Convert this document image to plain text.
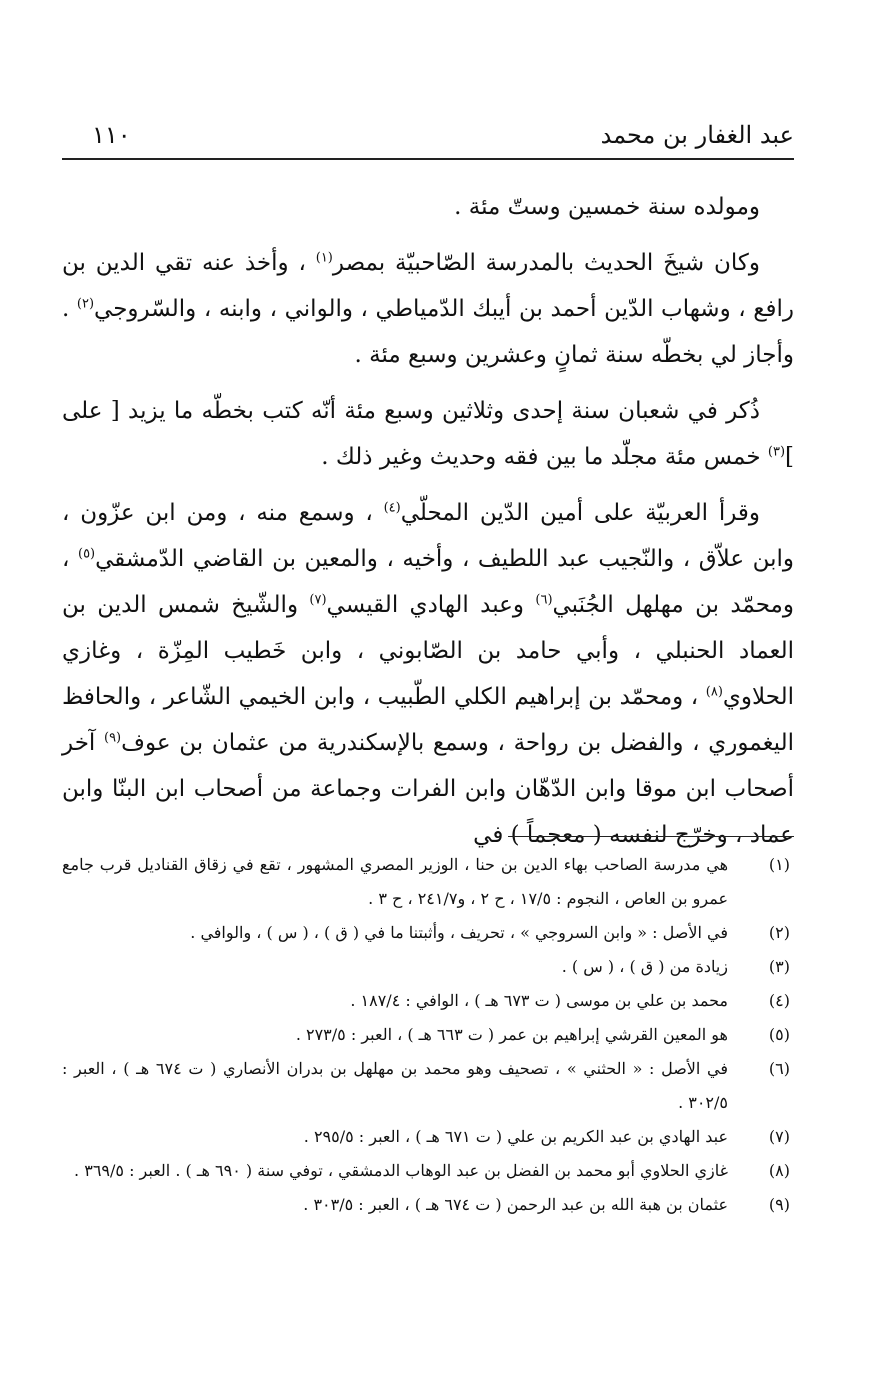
عبد الغفار بن محمد
١١٠

ومولده سنة خمسين وستّ مئة .

وكان شيخَ الحديث بالمدرسة الصّاحبيّة بمصر$^{(١)}$ ، وأخذ عنه تقي الدين بن رافع ، وشهاب الدّين أحمد بن أيبك الدّمياطي ، والواني ، وابنه ، والسّروجي$^{(٢)}$ . وأجاز لي بخطّه سنة ثمانٍ وعشرين وسبع مئة .

ذُكر في شعبان سنة إحدى وثلاثين وسبع مئة أنّه كتب بخطّه ما يزيد [ على ]$^{(٣)}$ خمس مئة مجلّد ما بين فقه وحديث وغير ذلك .

وقرأ العربيّة على أمين الدّين المحلّي$^{(٤)}$ ، وسمع منه ، ومن ابن عزّون ، وابن علاّق ، والنّجيب عبد اللطيف ، وأخيه ، والمعين بن القاضي الدّمشقي$^{(٥)}$ ، ومحمّد بن مهلهل الجُنَبي$^{(٦)}$ وعبد الهادي القيسي$^{(٧)}$ والشّيخ شمس الدين بن العماد الحنبلي ، وأبي حامد بن الصّابوني ، وابن خَطيب المِزّة ، وغازي الحلاوي$^{(٨)}$ ، ومحمّد بن إبراهيم الكلي الطّبيب ، وابن الخيمي الشّاعر ، والحافظ اليغموري ، والفضل بن رواحة ، وسمع بالإسكندرية من عثمان بن عوف$^{(٩)}$ آخر أصحاب ابن موقا وابن الدّهّان وابن الفرات وجماعة من أصحاب ابن البنّا وابن عماد ، وخرّج لنفسه ( معجماً ) في

(١)
هي مدرسة الصاحب بهاء الدين بن حنا ، الوزير المصري المشهور ، تقع في زقاق القناديل قرب جامع عمرو بن العاص ، النجوم : ١٧/٥ ، ح ٢ ، و٢٤١/٧ ، ح ٣ .
(٢)
في الأصل : « وابن السروجي » ، تحريف ، وأثبتنا ما في ( ق ) ، ( س ) ، والوافي .
(٣)
زيادة من ( ق ) ، ( س ) .
(٤)
محمد بن علي بن موسى ( ت ٦٧٣ هـ ) ، الوافي : ١٨٧/٤ .
(٥)
هو المعين القرشي إبراهيم بن عمر ( ت ٦٦٣ هـ ) ، العبر : ٢٧٣/٥ .
(٦)
في الأصل : « الحثني » ، تصحيف وهو محمد بن مهلهل بن بدران الأنصاري ( ت ٦٧٤ هـ ) ، العبر : ٣٠٢/٥ .
(٧)
عبد الهادي بن عبد الكريم بن علي ( ت ٦٧١ هـ ) ، العبر : ٢٩٥/٥ .
(٨)
غازي الحلاوي أبو محمد بن الفضل بن عبد الوهاب الدمشقي ، توفي سنة ( ٦٩٠ هـ ) . العبر : ٣٦٩/٥ .
(٩)
عثمان بن هبة الله بن عبد الرحمن ( ت ٦٧٤ هـ ) ، العبر : ٣٠٣/٥ .
